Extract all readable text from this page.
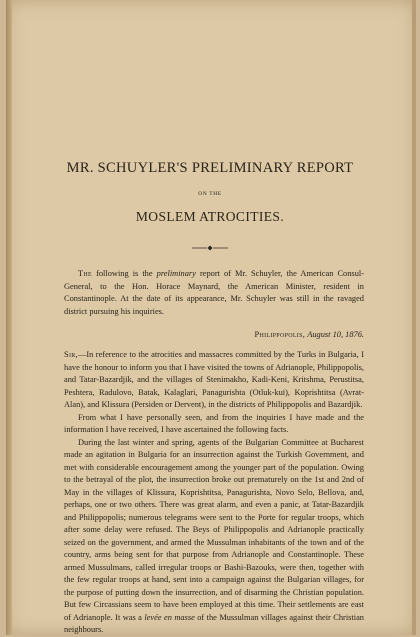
MR. SCHUYLER'S PRELIMINARY REPORT
ON THE
MOSLEM ATROCITIES.

The following is the preliminary report of Mr. Schuyler, the American Consul-General, to the Hon. Horace Maynard, the American Minister, resident in Constantinople. At the date of its appearance, Mr. Schuyler was still in the ravaged district pursuing his inquiries.

Philippopolis, August 10, 1876.

Sir,—In reference to the atrocities and massacres committed by the Turks in Bulgaria, I have the honour to inform you that I have visited the towns of Adrianople, Philippopolis, and Tatar-Bazardjik, and the villages of Stenimakho, Kadi-Keni, Kritshma, Perustitsa, Peshtera, Radulovo, Batak, Kalaglari, Panagurishta (Otluk-kui), Koprishtitsa (Avrat-Alan), and Klissura (Persiden or Dervent), in the districts of Philippopolis and Bazardjik.

From what I have personally seen, and from the inquiries I have made and the information I have received, I have ascertained the following facts.

During the last winter and spring, agents of the Bulgarian Committee at Bucharest made an agitation in Bulgaria for an insurrection against the Turkish Government, and met with considerable encouragement among the younger part of the population. Owing to the betrayal of the plot, the insurrection broke out prematurely on the 1st and 2nd of May in the villages of Klissura, Koprishtitsa, Panagurishta, Novo Selo, Bellova, and, perhaps, one or two others. There was great alarm, and even a panic, at Tatar-Bazardjik and Philippopolis; numerous telegrams were sent to the Porte for regular troops, which after some delay were refused. The Beys of Philippopolis and Adrianople practically seized on the government, and armed the Mussulman inhabitants of the town and of the country, arms being sent for that purpose from Adrianople and Constantinople. These armed Mussulmans, called irregular troops or Bashi-Bazouks, were then, together with the few regular troops at hand, sent into a campaign against the Bulgarian villages, for the purpose of putting down the insurrection, and of disarming the Christian population. But few Circassians seem to have been employed at this time. Their settlements are east of Adrianople. It was a levée en masse of the Mussulman villages against their Christian neighbours.
